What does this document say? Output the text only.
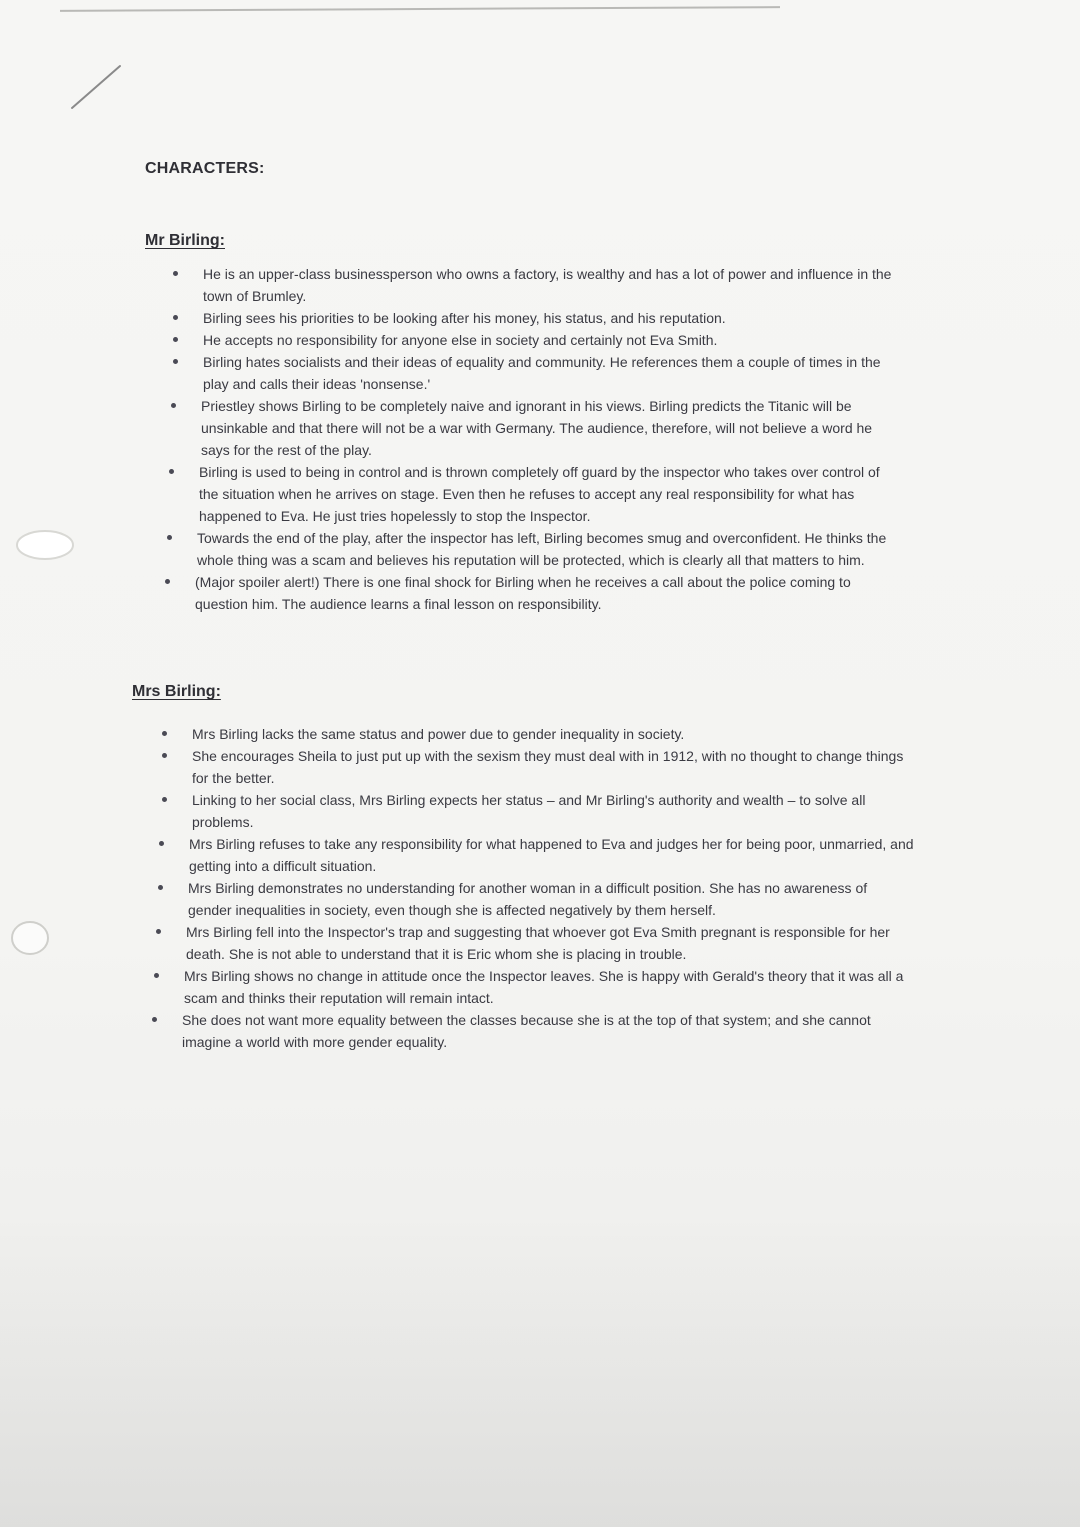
CHARACTERS:
Mr Birling:
He is an upper-class businessperson who owns a factory, is wealthy and has a lot of power and influence in the town of Brumley.
Birling sees his priorities to be looking after his money, his status, and his reputation.
He accepts no responsibility for anyone else in society and certainly not Eva Smith.
Birling hates socialists and their ideas of equality and community. He references them a couple of times in the play and calls their ideas 'nonsense.'
Priestley shows Birling to be completely naive and ignorant in his views. Birling predicts the Titanic will be unsinkable and that there will not be a war with Germany. The audience, therefore, will not believe a word he says for the rest of the play.
Birling is used to being in control and is thrown completely off guard by the inspector who takes over control of the situation when he arrives on stage. Even then he refuses to accept any real responsibility for what has happened to Eva. He just tries hopelessly to stop the Inspector.
Towards the end of the play, after the inspector has left, Birling becomes smug and overconfident. He thinks the whole thing was a scam and believes his reputation will be protected, which is clearly all that matters to him.
(Major spoiler alert!) There is one final shock for Birling when he receives a call about the police coming to question him. The audience learns a final lesson on responsibility.
Mrs Birling:
Mrs Birling lacks the same status and power due to gender inequality in society.
She encourages Sheila to just put up with the sexism they must deal with in 1912, with no thought to change things for the better.
Linking to her social class, Mrs Birling expects her status – and Mr Birling's authority and wealth – to solve all problems.
Mrs Birling refuses to take any responsibility for what happened to Eva and judges her for being poor, unmarried, and getting into a difficult situation.
Mrs Birling demonstrates no understanding for another woman in a difficult position. She has no awareness of gender inequalities in society, even though she is affected negatively by them herself.
Mrs Birling fell into the Inspector's trap and suggesting that whoever got Eva Smith pregnant is responsible for her death. She is not able to understand that it is Eric whom she is placing in trouble.
Mrs Birling shows no change in attitude once the Inspector leaves. She is happy with Gerald's theory that it was all a scam and thinks their reputation will remain intact.
She does not want more equality between the classes because she is at the top of that system; and she cannot imagine a world with more gender equality.
